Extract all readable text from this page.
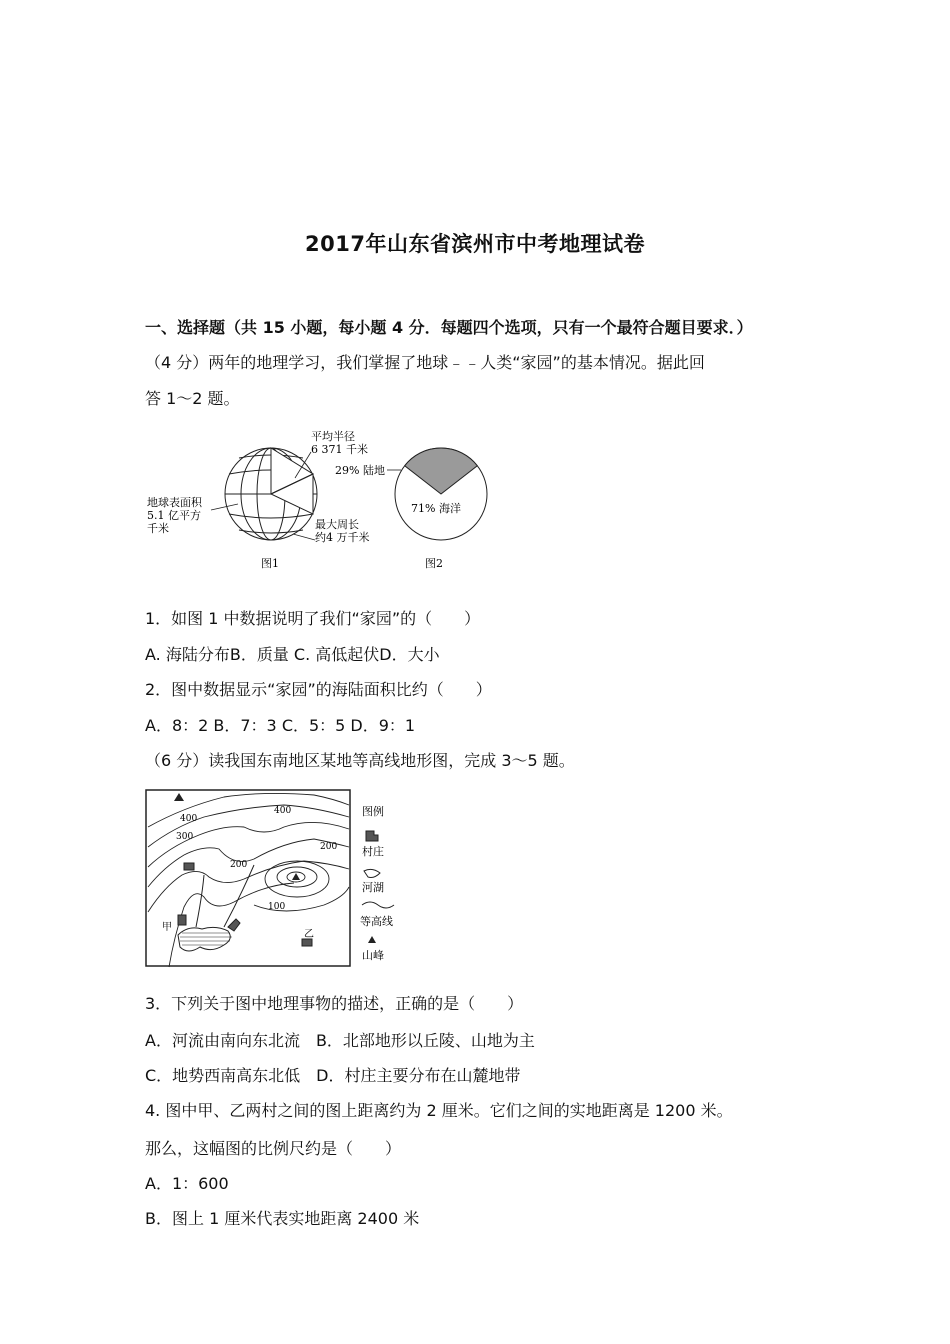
2017年山东省滨州市中考地理试卷
一、选择题（共 15 小题，每小题 4 分．每题四个选项，只有一个最符合题目要求．）
（4 分）两年的地理学习，我们掌握了地球﹣﹣人类“家园”的基本情况。据此回
答 1～2 题。
平均半径
6 371 千米
地球表面积
5.1 亿平方
千米	最大周长
约4 万千米
图1
29% 陆地
71% 海洋
图2
1．如图 1 中数据说明了我们“家园”的（　　）
A. 海陆分布B．质量 C. 高低起伏D．大小
2．图中数据显示“家园”的海陆面积比约（　　）
A．8：2 B．7：3 C．5：5 D．9：1
（6 分）读我国东南地区某地等高线地形图，完成 3～5 题。
400
400
300
200
200
100
甲
乙
图例
村庄
河湖
等高线
山峰
3．下列关于图中地理事物的描述，正确的是（　　）
A．河流由南向东北流　B．北部地形以丘陵、山地为主
C．地势西南高东北低　D．村庄主要分布在山麓地带
4. 图中甲、乙两村之间的图上距离约为 2 厘米。它们之间的实地距离是 1200 米。
那么，这幅图的比例尺约是（　　）
A．1：600
B．图上 1 厘米代表实地距离 2400 米
